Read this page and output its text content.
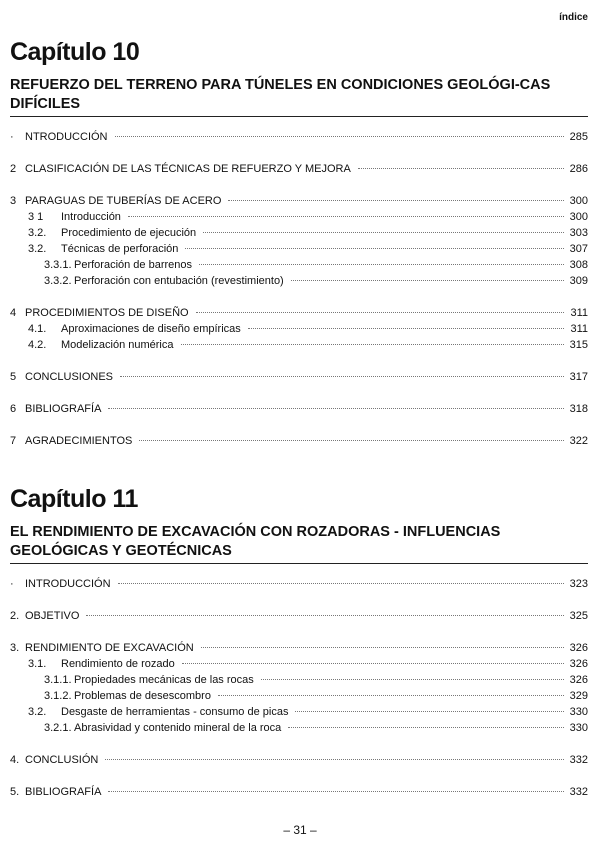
índice
Capítulo 10
REFUERZO DEL TERRENO PARA TÚNELES EN CONDICIONES GEOLÓGI-CAS DIFÍCILES
·	NTRODUCCIÓN	285
2 CLASIFICACIÓN DE LAS TÉCNICAS DE REFUERZO Y MEJORA	286
3 PARAGUAS DE TUBERÍAS DE ACERO	300
3 1	Introducción	300
3.2.	Procedimiento de ejecución	303
3.2.	Técnicas de perforación	307
3.3.1. Perforación de barrenos	308
3.3.2. Perforación con entubación (revestimiento)	309
4 PROCEDIMIENTOS DE DISEÑO	311
4.1.	Aproximaciones de diseño empíricas	311
4.2.	Modelización numérica	315
5 CONCLUSIONES	317
6 BIBLIOGRAFÍA	318
7 AGRADECIMIENTOS	322
Capítulo 11
EL RENDIMIENTO DE EXCAVACIÓN CON ROZADORAS - INFLUENCIAS GEOLÓGICAS Y GEOTÉCNICAS
·	INTRODUCCIÓN	323
2. OBJETIVO	325
3. RENDIMIENTO DE EXCAVACIÓN	326
3.1.	Rendimiento de rozado	326
3.1.1. Propiedades mecánicas de las rocas	326
3.1.2. Problemas de desescombro	329
3.2.	Desgaste de herramientas - consumo de picas	330
3.2.1. Abrasividad y contenido mineral de la roca	330
4. CONCLUSIÓN	332
5. BIBLIOGRAFÍA	332
– 31 –
